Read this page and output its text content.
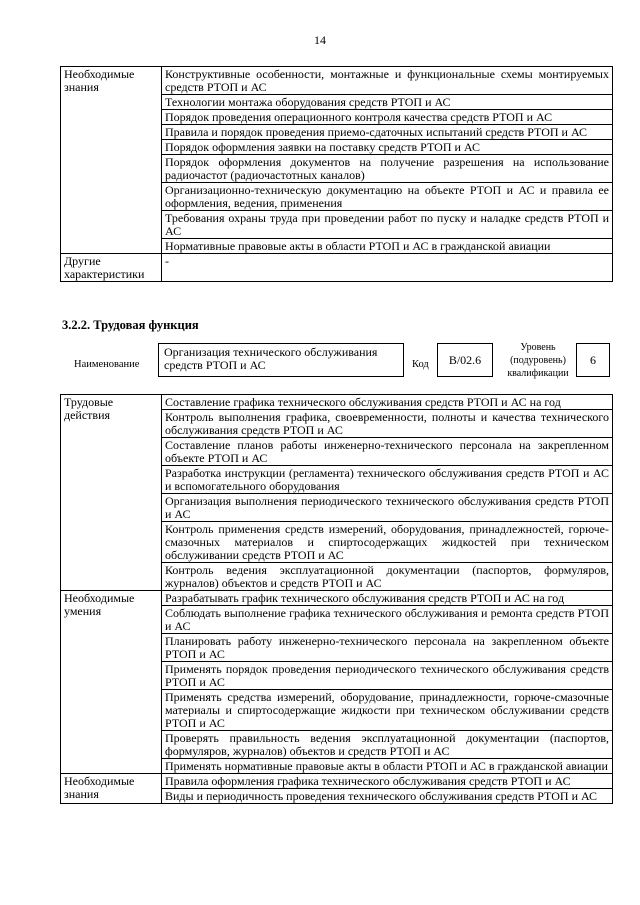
14
Необходимые знания	Конструктивные особенности, монтажные и функциональные схемы монтируемых средств РТОП и АС
	Технологии монтажа оборудования средств РТОП и АС
	Порядок проведения операционного контроля качества средств РТОП и АС
	Правила и порядок проведения приемо-сдаточных испытаний средств РТОП и АС
	Порядок оформления заявки на поставку средств РТОП и АС
	Порядок оформления документов на получение разрешения на использование радиочастот (радиочастотных каналов)
	Организационно-техническую документацию на объекте РТОП и АС и правила ее оформления, ведения, применения
	Требования охраны труда при проведении работ по пуску и наладке средств РТОП и АС
	Нормативные правовые акты в области РТОП и АС в гражданской авиации
Другие характеристики	-
3.2.2. Трудовая функция
Наименование
Организация технического обслуживания средств РТОП и АС	Код	B/02.6
Уровень (подуровень) квалификации
6
Трудовые действия	Составление графика технического обслуживания средств РТОП и АС на год
	Контроль выполнения графика, своевременности, полноты и качества технического обслуживания средств РТОП и АС
	Составление планов работы инженерно-технического персонала на закрепленном объекте РТОП и АС
	Разработка инструкции (регламента) технического обслуживания средств РТОП и АС и вспомогательного оборудования
	Организация выполнения периодического технического обслуживания средств РТОП и АС
	Контроль применения средств измерений, оборудования, принадлежностей, горюче-смазочных материалов и спиртосодержащих жидкостей при техническом обслуживании средств РТОП и АС
	Контроль ведения эксплуатационной документации (паспортов, формуляров, журналов) объектов и средств РТОП и АС
Необходимые умения	Разрабатывать график технического обслуживания средств РТОП и АС на год
	Соблюдать выполнение графика технического обслуживания и ремонта средств РТОП и АС
	Планировать работу инженерно-технического персонала на закрепленном объекте РТОП и АС
	Применять порядок проведения периодического технического обслуживания средств РТОП и АС
	Применять средства измерений, оборудование, принадлежности, горюче-смазочные материалы и спиртосодержащие жидкости при техническом обслуживании средств РТОП и АС
	Проверять правильность ведения эксплуатационной документации (паспортов, формуляров, журналов) объектов и средств РТОП и АС
	Применять нормативные правовые акты в области РТОП и АС в гражданской авиации
Необходимые знания	Правила оформления графика технического обслуживания средств РТОП и АС
	Виды и периодичность проведения технического обслуживания средств РТОП и АС
